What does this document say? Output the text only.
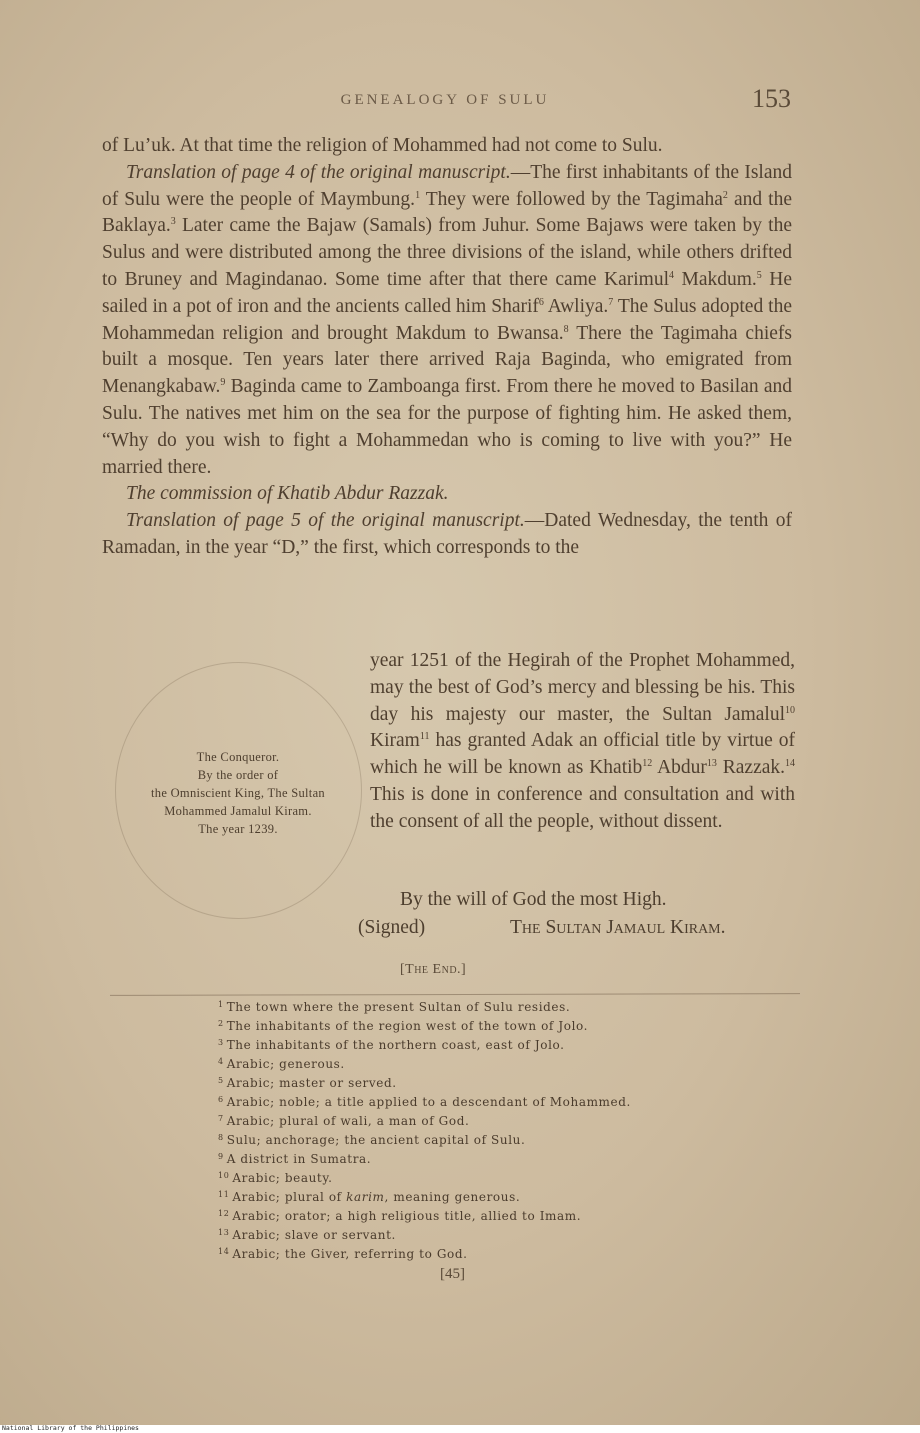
GENEALOGY OF SULU	153

of Lu’uk. At that time the religion of Mohammed had not come to Sulu.

Translation of page 4 of the original manuscript.—The first inhabitants of the Island of Sulu were the people of Maymbung.$^1$ They were followed by the Tagimaha$^2$ and the Baklaya.$^3$ Later came the Bajaw (Samals) from Juhur. Some Bajaws were taken by the Sulus and were distributed among the three divisions of the island, while others drifted to Bruney and Magindanao. Some time after that there came Karimul$^4$ Makdum.$^5$ He sailed in a pot of iron and the ancients called him Sharif$^6$ Awliya.$^7$ The Sulus adopted the Mohammedan religion and brought Makdum to Bwansa.$^8$ There the Tagimaha chiefs built a mosque. Ten years later there arrived Raja Baginda, who emigrated from Menangkabaw.$^9$ Baginda came to Zamboanga first. From there he moved to Basilan and Sulu. The natives met him on the sea for the purpose of fighting him. He asked them, “Why do you wish to fight a Mohammedan who is coming to live with you?” He married there.

The commission of Khatib Abdur Razzak.

Translation of page 5 of the original manuscript.—Dated Wednesday, the tenth of Ramadan, in the year “D,” the first, which corresponds to the

The Conqueror.
By the order of
the Omniscient King, The Sultan
Mohammed Jamalul Kiram.
The year 1239.

year 1251 of the Hegirah of the Prophet Mohammed, may the best of God’s mercy and blessing be his. This day his majesty our master, the Sultan Jamalul$^{10}$ Kiram$^{11}$ has granted Adak an official title by virtue of which he will be known as Khatib$^{12}$ Abdur$^{13}$ Razzak.$^{14}$ This is done in conference and consultation and with the consent of all the people, without dissent.

By the will of God the most High.
(Signed)	The Sultan Jamaul Kiram.
[The End.]
$^1$ The town where the present Sultan of Sulu resides.
$^2$ The inhabitants of the region west of the town of Jolo.
$^3$ The inhabitants of the northern coast, east of Jolo.
$^4$ Arabic; generous.
$^5$ Arabic; master or served.
$^6$ Arabic; noble; a title applied to a descendant of Mohammed.
$^7$ Arabic; plural of wali, a man of God.
$^8$ Sulu; anchorage; the ancient capital of Sulu.
$^9$ A district in Sumatra.
$^{10}$ Arabic; beauty.
$^{11}$ Arabic; plural of karim, meaning generous.
$^{12}$ Arabic; orator; a high religious title, allied to Imam.
$^{13}$ Arabic; slave or servant.
$^{14}$ Arabic; the Giver, referring to God.
[45]
National Library of the Philippines
